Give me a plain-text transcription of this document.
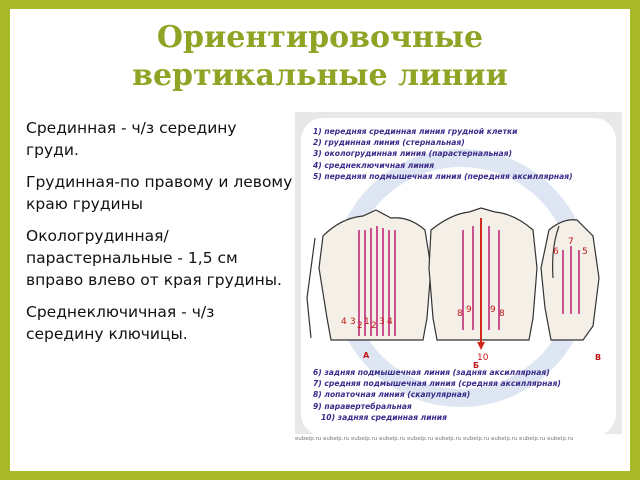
Ориентировочные
вертикальные линии

Срединная - ч/з середину груди.

Грудинная-по правому и левому краю грудины

Окологрудинная/парастернальные - 1,5 см вправо влево от края грудины.

Среднеключичная - ч/з середину ключицы.

4 3 2 1 2 3 4
8 9 9 8
10
7
6	5
А
Б
В
1) передняя срединная линия грудной клетки
2) грудинная линия (стернальная)
3) окологрудинная линия (парастернальная)
4) среднеключичная линия
5) передняя подмышечная линия (передняя аксиллярная)
6) задняя подмышечная линия (задняя аксиллярная)
7) средняя подмышечная линия (средняя аксиллярная)
8) лопаточная линия (скапулярная)
9) паравертебральная
10) задняя срединная линия
eubelp.ru eubelp.ru eubelp.ru eubelp.ru eubelp.ru eubelp.ru eubelp.ru eubelp.ru eubelp.ru eubelp.ru
